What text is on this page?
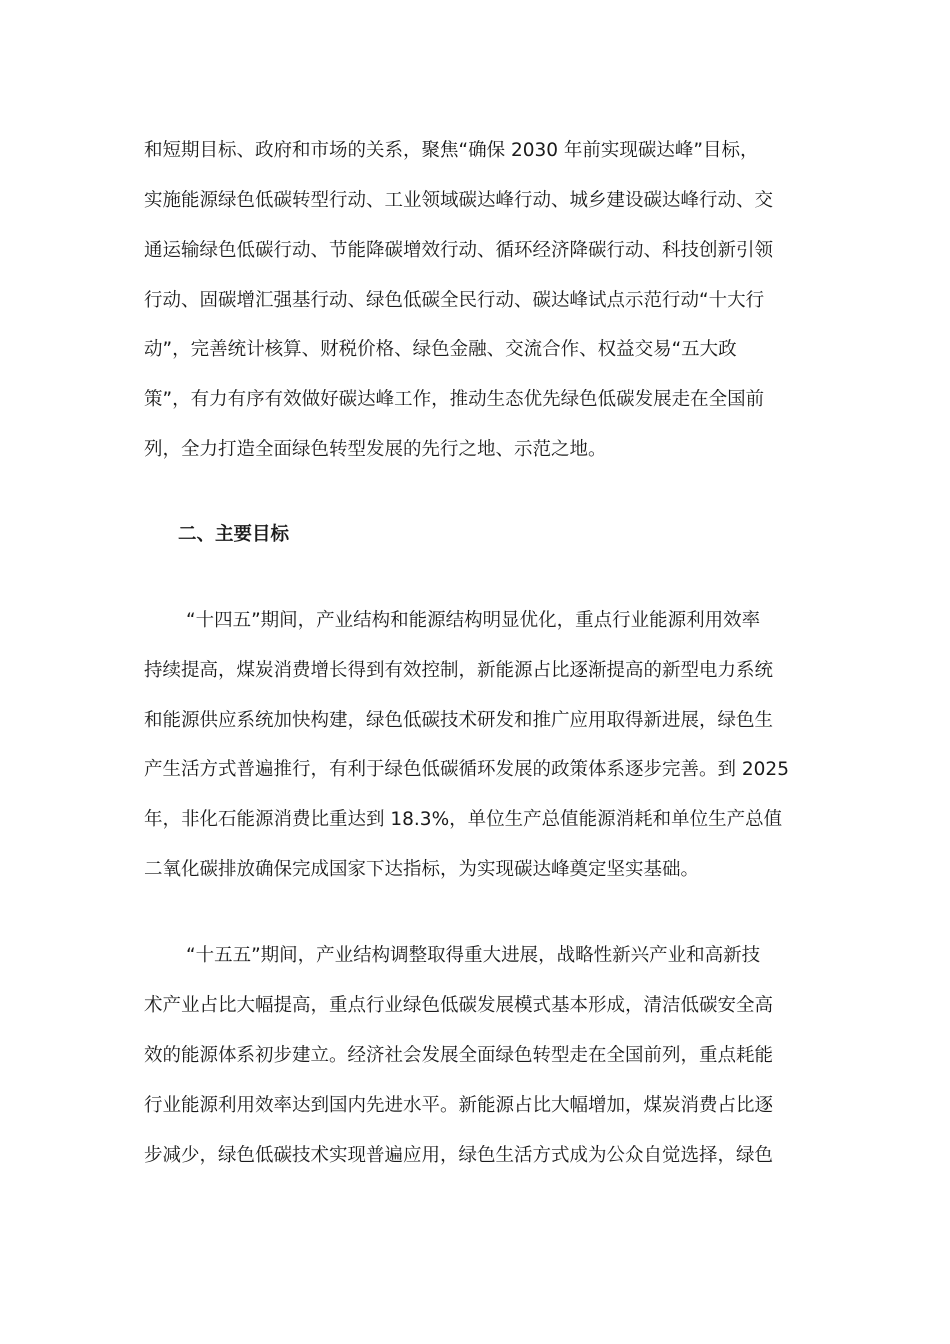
和短期目标、政府和市场的关系，聚焦“确保 2030 年前实现碳达峰”目标，
实施能源绿色低碳转型行动、工业领域碳达峰行动、城乡建设碳达峰行动、交
通运输绿色低碳行动、节能降碳增效行动、循环经济降碳行动、科技创新引领
行动、固碳增汇强基行动、绿色低碳全民行动、碳达峰试点示范行动“十大行
动”，完善统计核算、财税价格、绿色金融、交流合作、权益交易“五大政
策”，有力有序有效做好碳达峰工作，推动生态优先绿色低碳发展走在全国前
列，全力打造全面绿色转型发展的先行之地、示范之地。
二、主要目标
“十四五”期间，产业结构和能源结构明显优化，重点行业能源利用效率
持续提高，煤炭消费增长得到有效控制，新能源占比逐渐提高的新型电力系统
和能源供应系统加快构建，绿色低碳技术研发和推广应用取得新进展，绿色生
产生活方式普遍推行，有利于绿色低碳循环发展的政策体系逐步完善。到 2025
年，非化石能源消费比重达到 18.3%，单位生产总值能源消耗和单位生产总值
二氧化碳排放确保完成国家下达指标，为实现碳达峰奠定坚实基础。
“十五五”期间，产业结构调整取得重大进展，战略性新兴产业和高新技
术产业占比大幅提高，重点行业绿色低碳发展模式基本形成，清洁低碳安全高
效的能源体系初步建立。经济社会发展全面绿色转型走在全国前列，重点耗能
行业能源利用效率达到国内先进水平。新能源占比大幅增加，煤炭消费占比逐
步减少，绿色低碳技术实现普遍应用，绿色生活方式成为公众自觉选择，绿色
